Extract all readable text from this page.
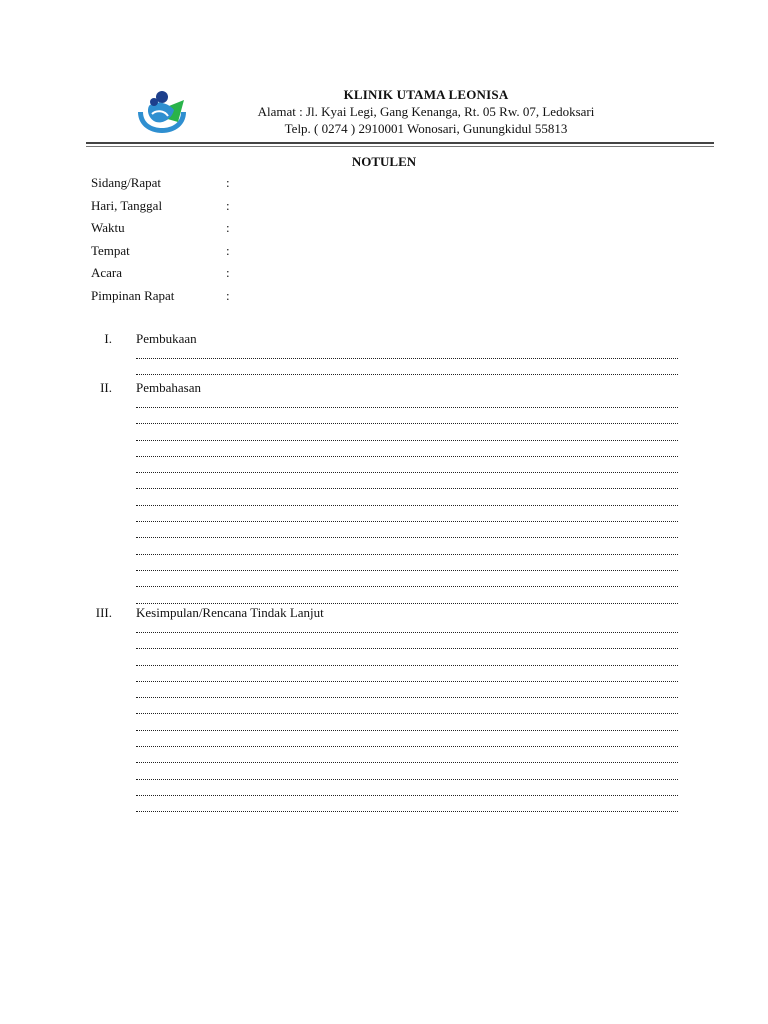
KLINIK UTAMA LEONISA
Alamat : Jl. Kyai Legi, Gang Kenanga, Rt. 05 Rw. 07, Ledoksari
Telp. ( 0274 ) 2910001 Wonosari, Gunungkidul 55813
NOTULEN
Sidang/Rapat	:
Hari, Tanggal	:
Waktu	:
Tempat	:
Acara	:
Pimpinan Rapat	:
I. Pembukaan
II. Pembahasan
III. Kesimpulan/Rencana Tindak Lanjut
